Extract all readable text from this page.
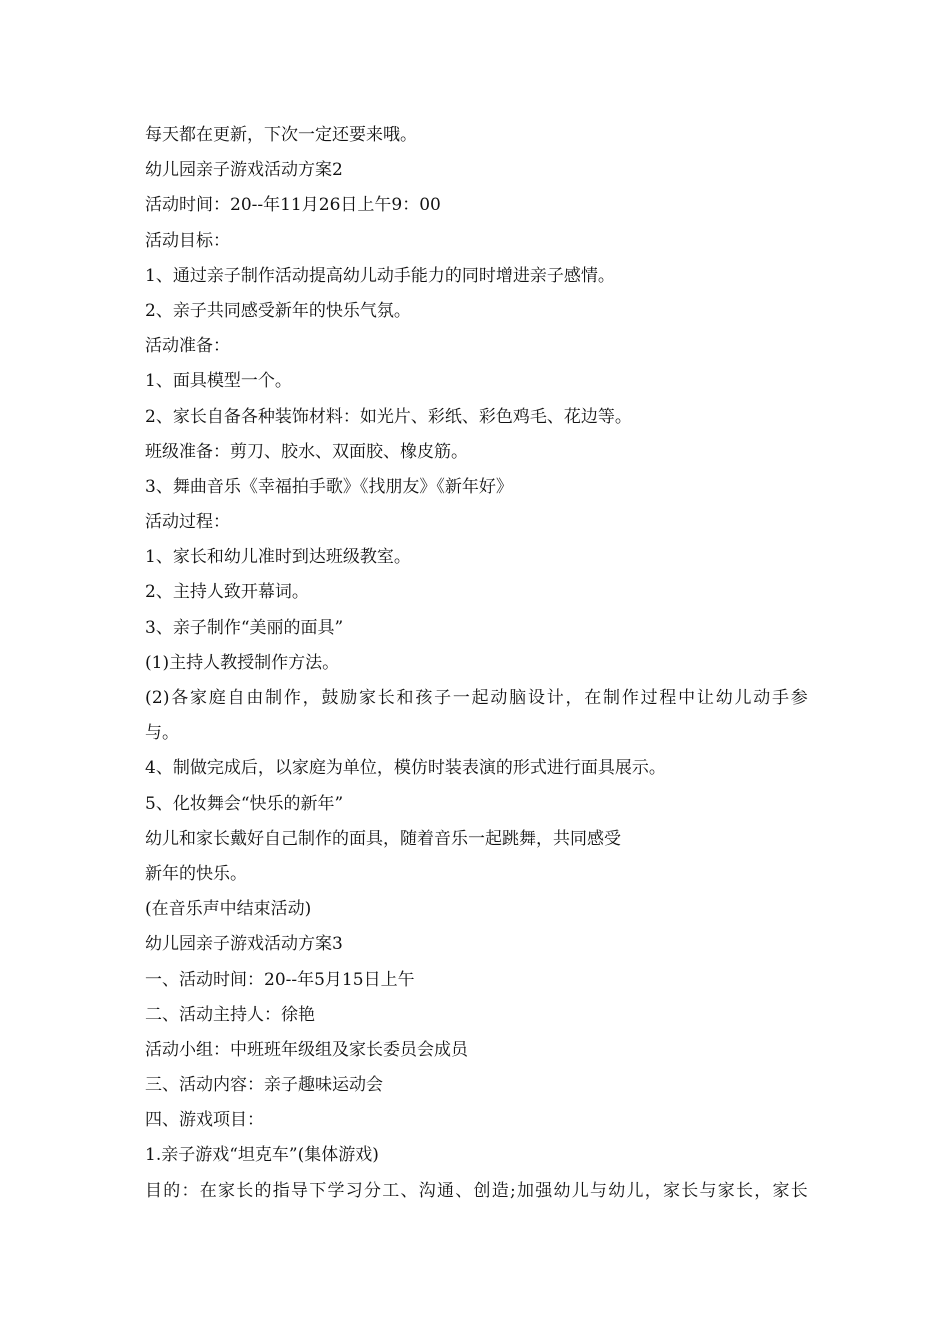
每天都在更新，下次一定还要来哦。
幼儿园亲子游戏活动方案2
活动时间：20--年11月26日上午9：00
活动目标：
1、通过亲子制作活动提高幼儿动手能力的同时增进亲子感情。
2、亲子共同感受新年的快乐气氛。
活动准备：
1、面具模型一个。
2、家长自备各种装饰材料：如光片、彩纸、彩色鸡毛、花边等。
班级准备：剪刀、胶水、双面胶、橡皮筋。
3、舞曲音乐《幸福拍手歌》《找朋友》《新年好》
活动过程：
1、家长和幼儿准时到达班级教室。
2、主持人致开幕词。
3、亲子制作“美丽的面具”
(1)主持人教授制作方法。
(2)各家庭自由制作，鼓励家长和孩子一起动脑设计，在制作过程中让幼儿动手参
与。
4、制做完成后，以家庭为单位，模仿时装表演的形式进行面具展示。
5、化妆舞会“快乐的新年”
幼儿和家长戴好自己制作的面具，随着音乐一起跳舞，共同感受
新年的快乐。
(在音乐声中结束活动)
幼儿园亲子游戏活动方案3
一、活动时间：20--年5月15日上午
二、活动主持人：徐艳
活动小组：中班班年级组及家长委员会成员
三、活动内容：亲子趣味运动会
四、游戏项目：
1.亲子游戏“坦克车”(集体游戏)
目的：在家长的指导下学习分工、沟通、创造;加强幼儿与幼儿，家长与家长，家长
